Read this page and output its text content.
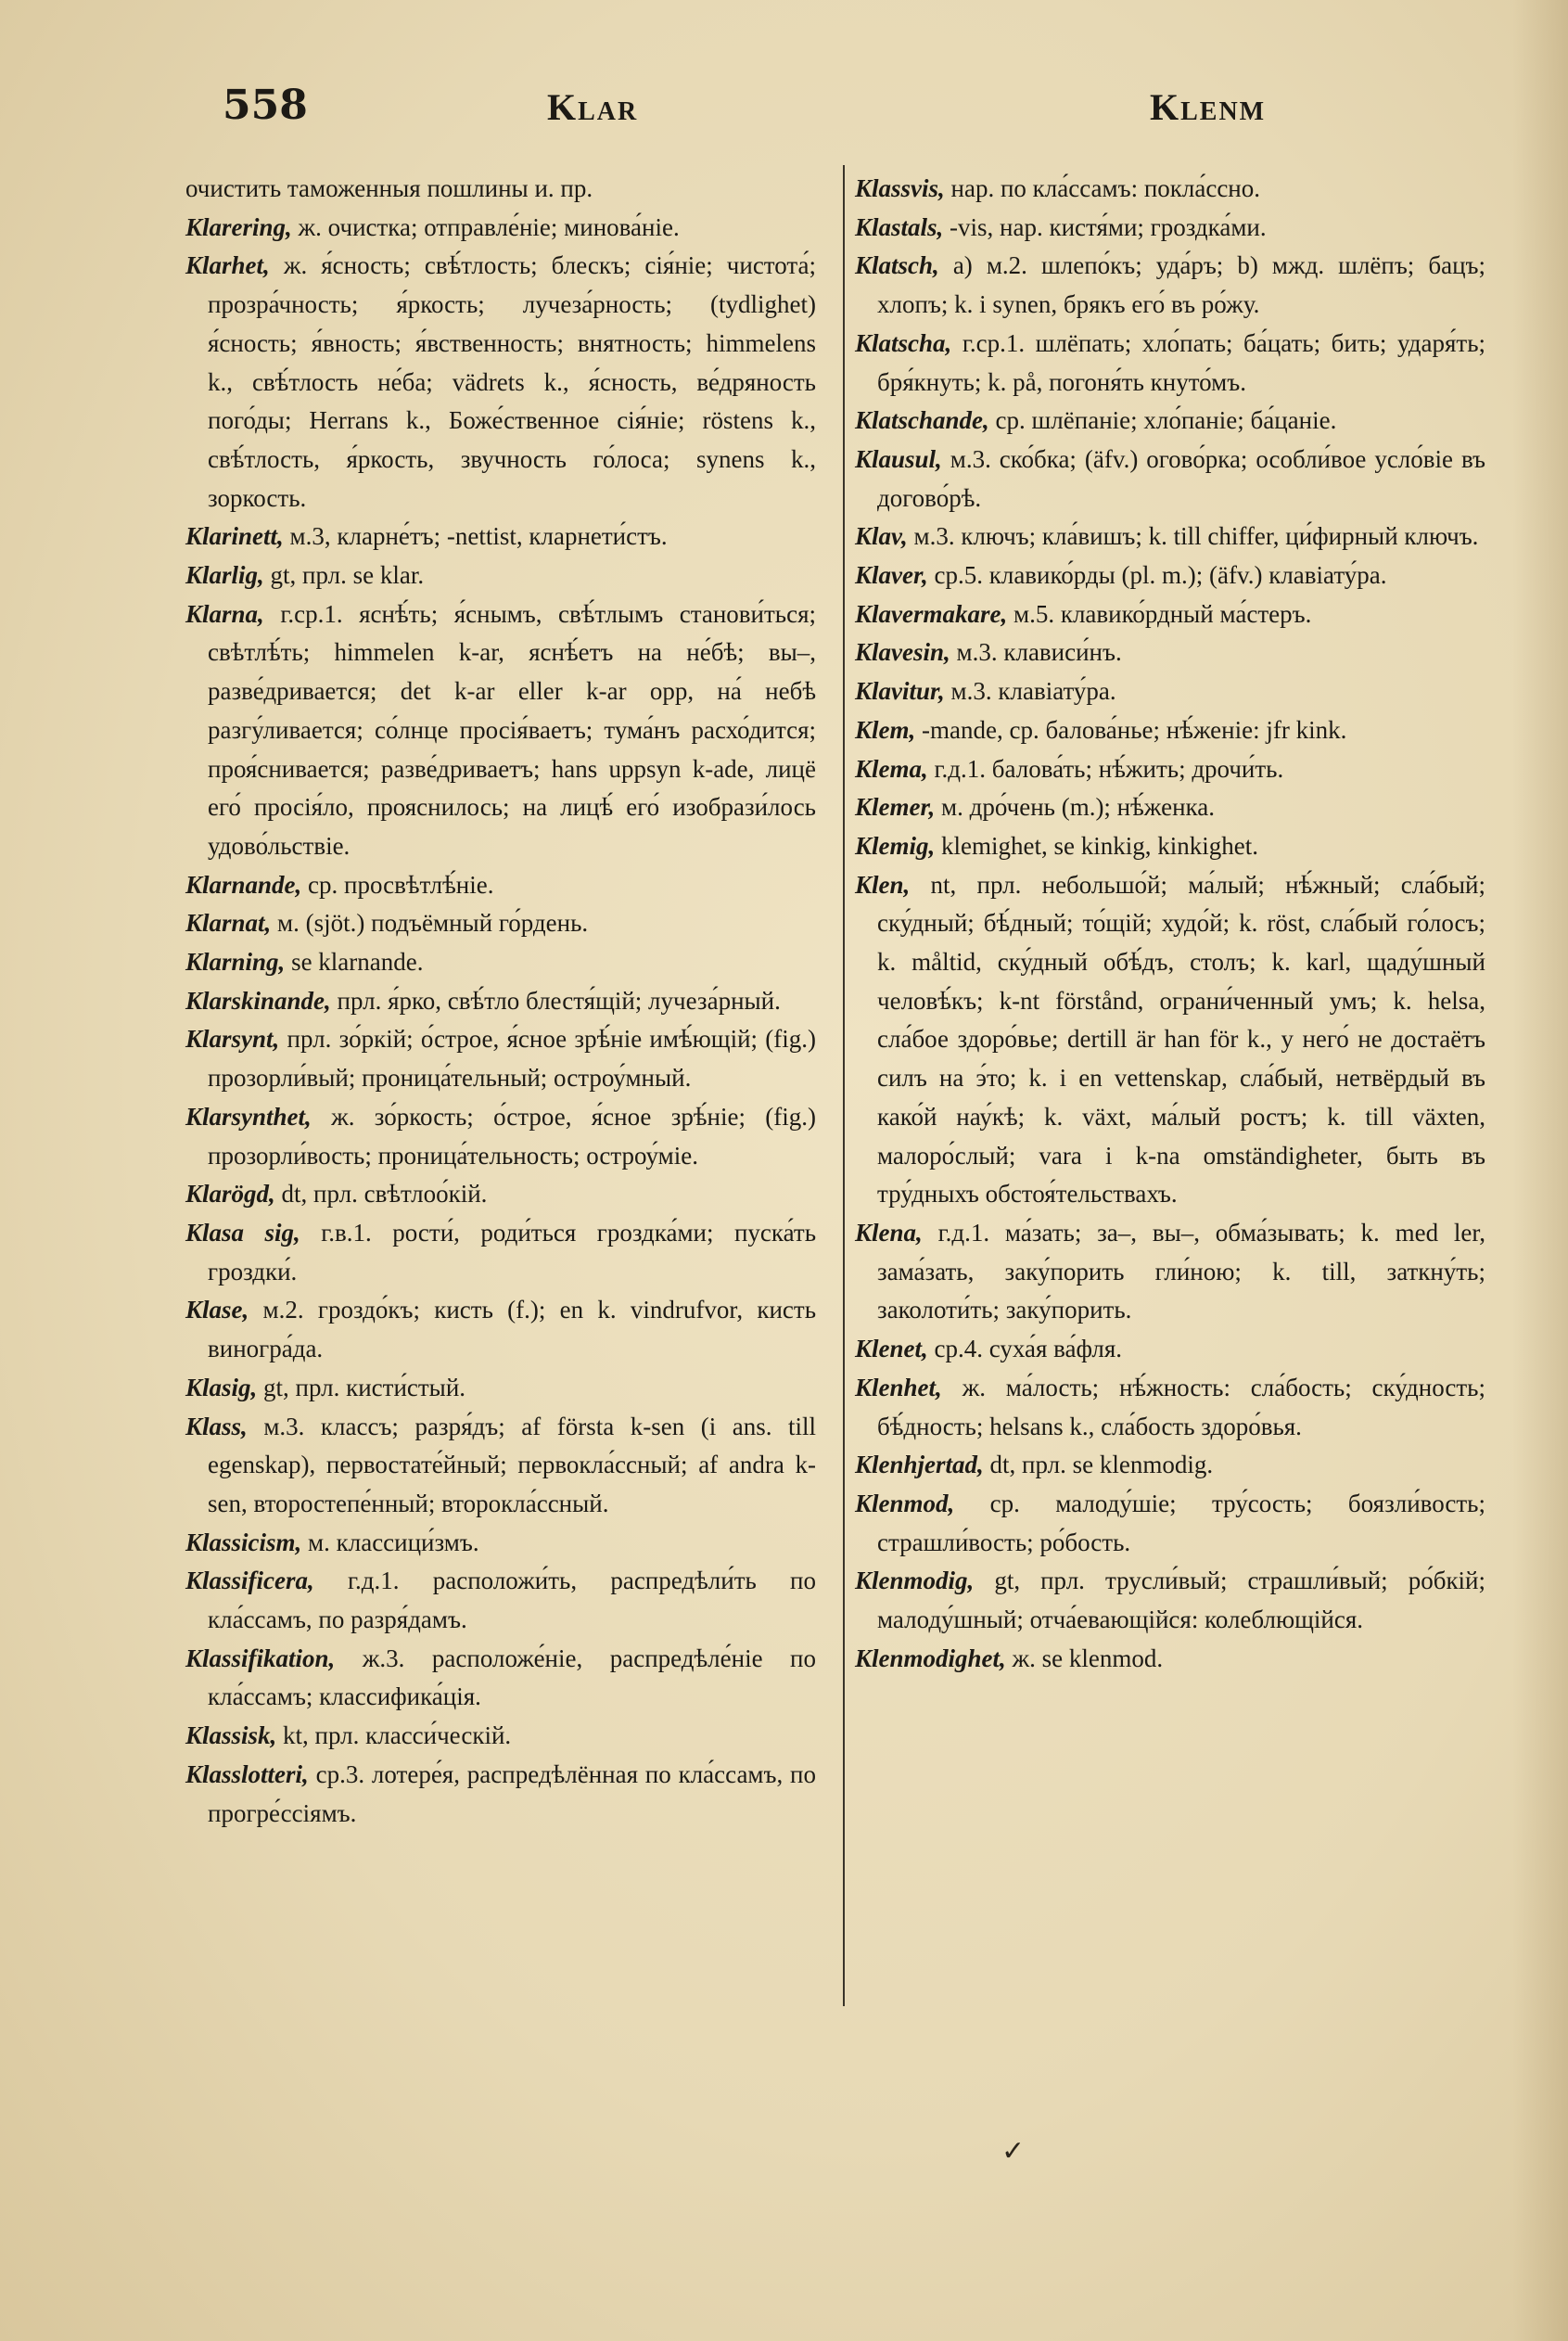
558	Klar	Klenm

очистить таможенныя пошлины и. пр.

Klarering, ж. очистка; отправле́ніе; минова́ніе.

Klarhet, ж. я́сность; свѣ́тлость; блескъ; сія́ніе; чистота́; прозра́чность; я́ркость; лучеза́рность; (tydlighet) я́сность; я́вность; я́вственность; внятность; himmelens k., свѣ́тлость не́ба; vädrets k., я́сность, ве́дряность пого́ды; Herrans k., Боже́ственное сія́ніе; röstens k., свѣ́тлость, я́ркость, звучность го́лоса; synens k., зоркость.

Klarinett, м.3, кларне́тъ; -nettist, кларнети́стъ.

Klarlig, gt, прл. se klar.

Klarna, г.ср.1. яснѣ́ть; я́снымъ, свѣ́тлымъ станови́ться; свѣтлѣ́ть; himmelen k-ar, яснѣ́етъ на не́бѣ; вы–, разве́дривается; det k-ar eller k-ar opp, на́ небѣ разгу́ливается; со́лнце просія́ваетъ; тума́нъ расхо́дится; проя́снивается; разве́дриваетъ; hans uppsyn k-ade, лицё его́ просія́ло, прояснилось; на лицѣ́ его́ изобрази́лось удово́льствіе.

Klarnande, ср. просвѣтлѣ́ніе.

Klarnat, м. (sjöt.) подъёмный го́рдень.

Klarning, se klarnande.

Klarskinande, прл. я́рко, свѣ́тло блестя́щій; лучеза́рный.

Klarsynt, прл. зо́ркій; о́строе, я́сное зрѣ́ніе имѣ́ющій; (fig.) прозорли́вый; проница́тельный; остроу́мный.

Klarsynthet, ж. зо́ркость; о́строе, я́сное зрѣ́ніе; (fig.) прозорли́вость; проница́тельность; остроу́міе.

Klarögd, dt, прл. свѣтлоо́кій.

Klasa sig, г.в.1. рости́, роди́ться гроздка́ми; пуска́ть гроздки́.

Klase, м.2. гроздо́къ; кисть (f.); en k. vindrufvor, кисть виногра́да.

Klasig, gt, прл. кисти́стый.

Klass, м.3. классъ; разря́дъ; af första k-sen (i ans. till egenskap), первостате́йный; первокла́ссный; af andra k-sen, второстепе́нный; второкла́ссный.

Klassicism, м. классици́змъ.

Klassificera, г.д.1. расположи́ть, распредѣли́ть по кла́ссамъ, по разря́дамъ.

Klassifikation, ж.3. расположе́ніе, распредѣле́ніе по кла́ссамъ; классифика́ція.

Klassisk, kt, прл. класси́ческій.

Klasslotteri, ср.3. лотере́я, распредѣлённая по кла́ссамъ, по прогре́ссіямъ.

Klassvis, нар. по кла́ссамъ: покла́ссно.

Klastals, -vis, нар. кистя́ми; гроздка́ми.

Klatsch, a) м.2. шлепо́къ; уда́ръ; b) мжд. шлёпъ; бацъ; хлопъ; k. i synen, брякъ его́ въ ро́жу.

Klatscha, г.ср.1. шлёпать; хло́пать; ба́цать; бить; ударя́ть; бря́кнуть; k. på, погоня́ть кнуто́мъ.

Klatschande, ср. шлёпаніе; хло́паніе; ба́цаніе.

Klausul, м.3. ско́бка; (äfv.) огово́рка; особли́вое усло́віе въ догово́рѣ.

Klav, м.3. ключъ; кла́вишъ; k. till chiffer, ци́фирный ключъ.

Klaver, ср.5. клавико́рды (pl. m.); (äfv.) клавіату́ра.

Klavermakare, м.5. клавико́рдный ма́стеръ.

Klavesin, м.3. клависи́нъ.

Klavitur, м.3. клавіату́ра.

Klem, -mande, ср. балова́нье; нѣ́женіе: jfr kink.

Klema, г.д.1. балова́ть; нѣ́жить; дрочи́ть.

Klemer, м. дро́чень (m.); нѣ́женка.

Klemig, klemighet, se kinkig, kinkighet.

Klen, nt, прл. небольшо́й; ма́лый; нѣ́жный; сла́бый; ску́дный; бѣ́дный; то́щій; худо́й; k. röst, сла́бый го́лосъ; k. måltid, ску́дный обѣ́дъ, столъ; k. karl, щаду́шный человѣ́къ; k-nt förstånd, ограни́ченный умъ; k. helsa, сла́бое здоро́вье; dertill är han för k., у него́ не достаётъ силъ на э́то; k. i en vettenskap, сла́бый, нетвёрдый въ како́й нау́кѣ; k. växt, ма́лый ростъ; k. till växten, малоро́слый; vara i k-na omständigheter, быть въ тру́дныхъ обстоя́тельствахъ.

Klena, г.д.1. ма́зать; за–, вы–, обма́зывать; k. med ler, зама́зать, заку́порить гли́ною; k. till, заткну́ть; заколоти́ть; заку́порить.

Klenet, ср.4. суха́я ва́фля.

Klenhet, ж. ма́лость; нѣ́жность: сла́бость; ску́дность; бѣ́дность; helsans k., сла́бость здоро́вья.

Klenhjertad, dt, прл. se klenmodig.

Klenmod, ср. малоду́шіе; тру́сость; боязли́вость; страшли́вость; ро́бость.

Klenmodig, gt, прл. трусли́вый; страшли́вый; ро́бкій; малоду́шный; отча́евающійся: колеблющійся.

Klenmodighet, ж. se klenmod.

✓
